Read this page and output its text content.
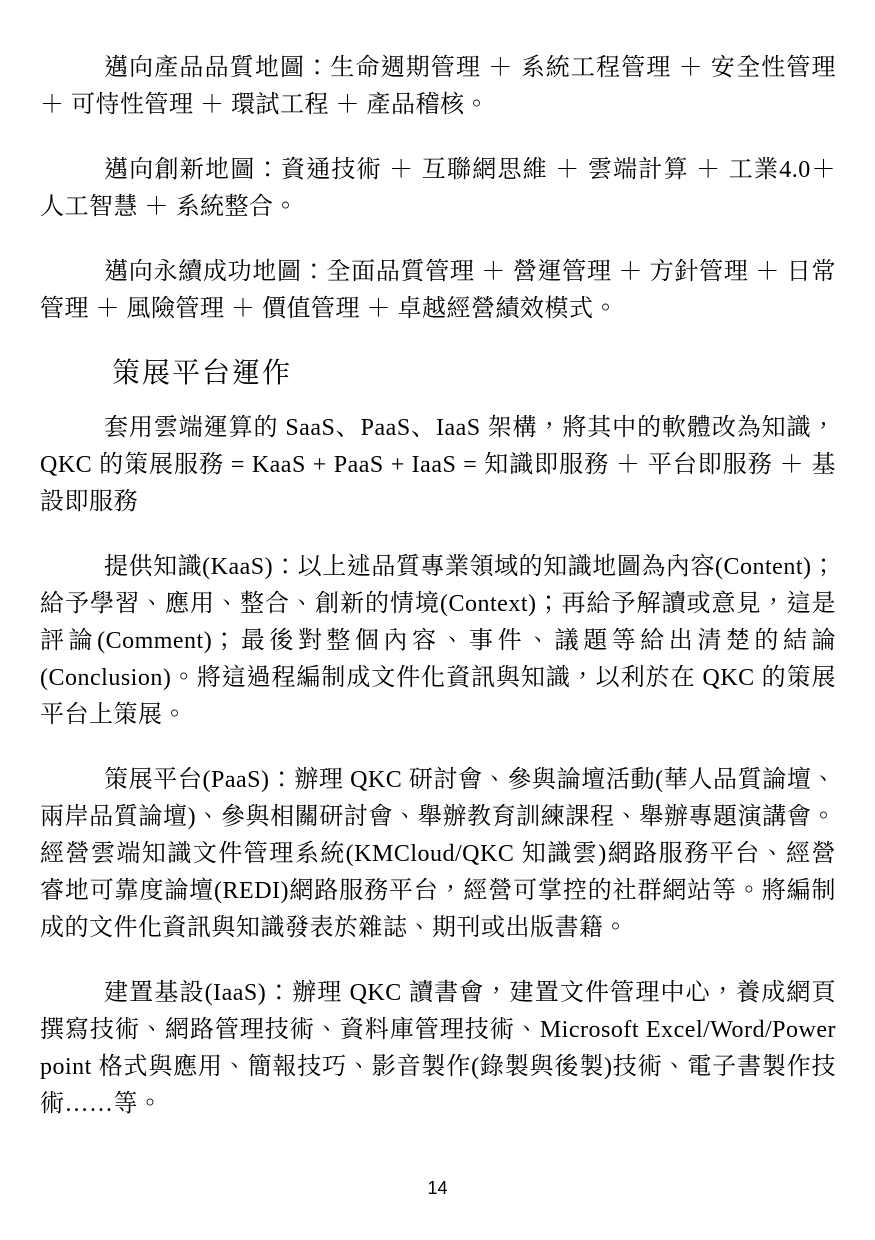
邁向產品品質地圖：生命週期管理 ＋ 系統工程管理 ＋ 安全性管理 ＋ 可恃性管理 ＋ 環試工程 ＋ 產品稽核。

邁向創新地圖：資通技術 ＋ 互聯網思維 ＋ 雲端計算 ＋ 工業4.0＋ 人工智慧 ＋ 系統整合。

邁向永續成功地圖：全面品質管理 ＋ 營運管理 ＋ 方針管理 ＋ 日常管理 ＋ 風險管理 ＋ 價值管理 ＋ 卓越經營績效模式。

策展平台運作

套用雲端運算的 SaaS、PaaS、IaaS 架構，將其中的軟體改為知識，QKC 的策展服務 = KaaS + PaaS + IaaS = 知識即服務 ＋ 平台即服務 ＋ 基設即服務

提供知識(KaaS)：以上述品質專業領域的知識地圖為內容(Content)；給予學習、應用、整合、創新的情境(Context)；再給予解讀或意見，這是評論(Comment)；最後對整個內容、事件、議題等給出清楚的結論(Conclusion)。將這過程編制成文件化資訊與知識，以利於在 QKC 的策展平台上策展。

策展平台(PaaS)：辦理 QKC 研討會、參與論壇活動(華人品質論壇、兩岸品質論壇)、參與相關研討會、舉辦教育訓練課程、舉辦專題演講會。經營雲端知識文件管理系統(KMCloud/QKC 知識雲)網路服務平台、經營睿地可靠度論壇(REDI)網路服務平台，經營可掌控的社群網站等。將編制成的文件化資訊與知識發表於雜誌、期刊或出版書籍。

建置基設(IaaS)：辦理 QKC 讀書會，建置文件管理中心，養成網頁撰寫技術、網路管理技術、資料庫管理技術、Microsoft Excel/Word/Power point 格式與應用、簡報技巧、影音製作(錄製與後製)技術、電子書製作技術……等。

14
